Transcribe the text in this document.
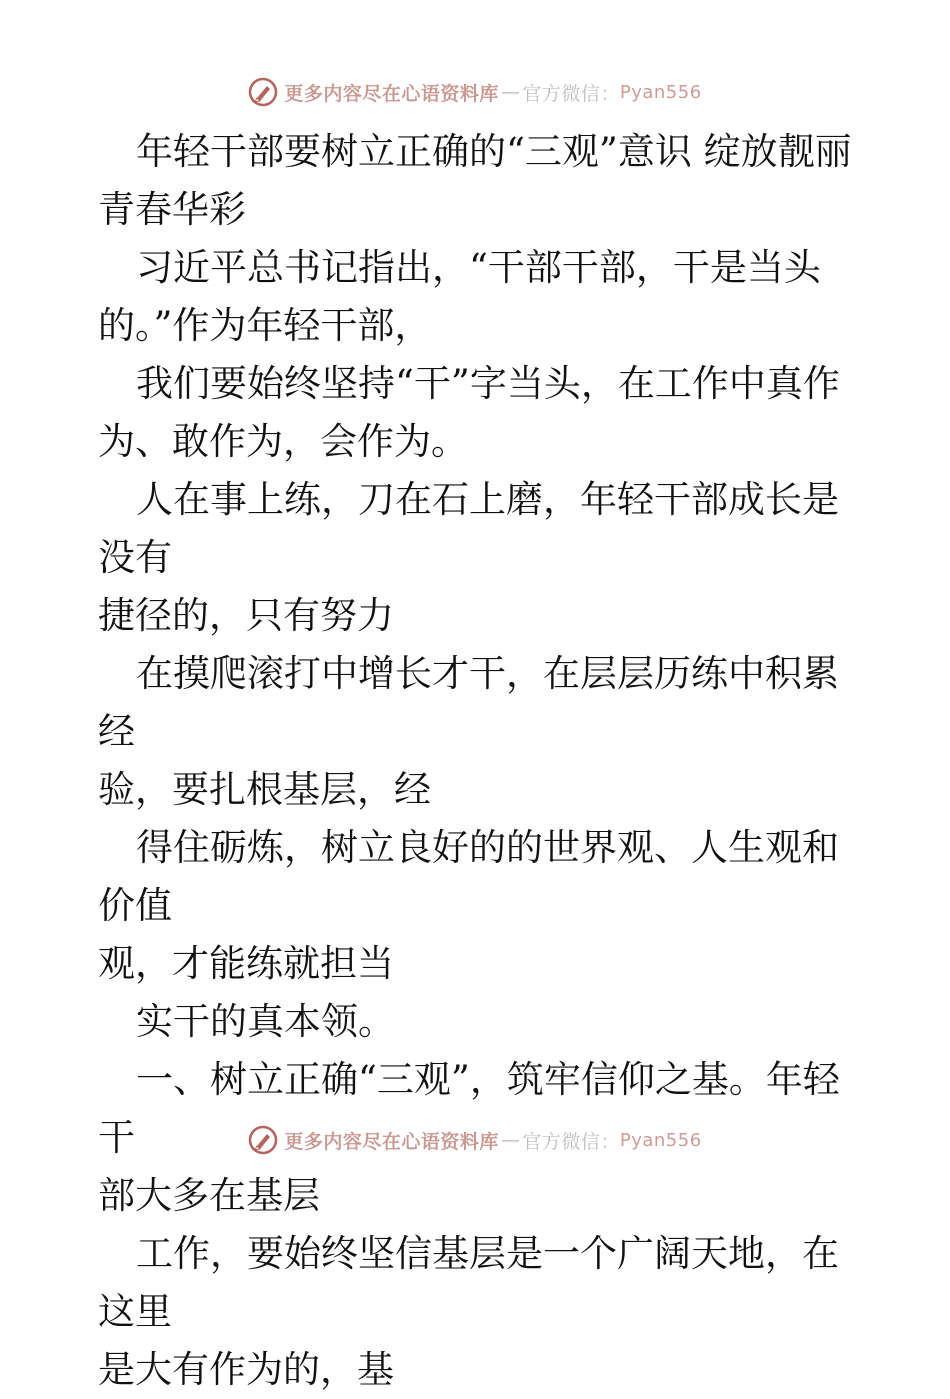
更多内容尽在心语资料库 — 官方微信： Pyan556

年轻干部要树立正确的“三观”意识 绽放靓丽
青春华彩

习近平总书记指出，“干部干部，干是当头
的。”作为年轻干部，

我们要始终坚持“干”字当头，在工作中真作
为、敢作为，会作为。

人在事上练，刀在石上磨，年轻干部成长是没有
捷径的，只有努力

在摸爬滚打中增长才干，在层层历练中积累经
验，要扎根基层，经

得住砺炼，树立良好的的世界观、人生观和价值
观，才能练就担当

实干的真本领。

一、树立正确“三观”，筑牢信仰之基。年轻干
部大多在基层

工作，要始终坚信基层是一个广阔天地，在这里
是大有作为的，基

更多内容尽在心语资料库 — 官方微信： Pyan556
